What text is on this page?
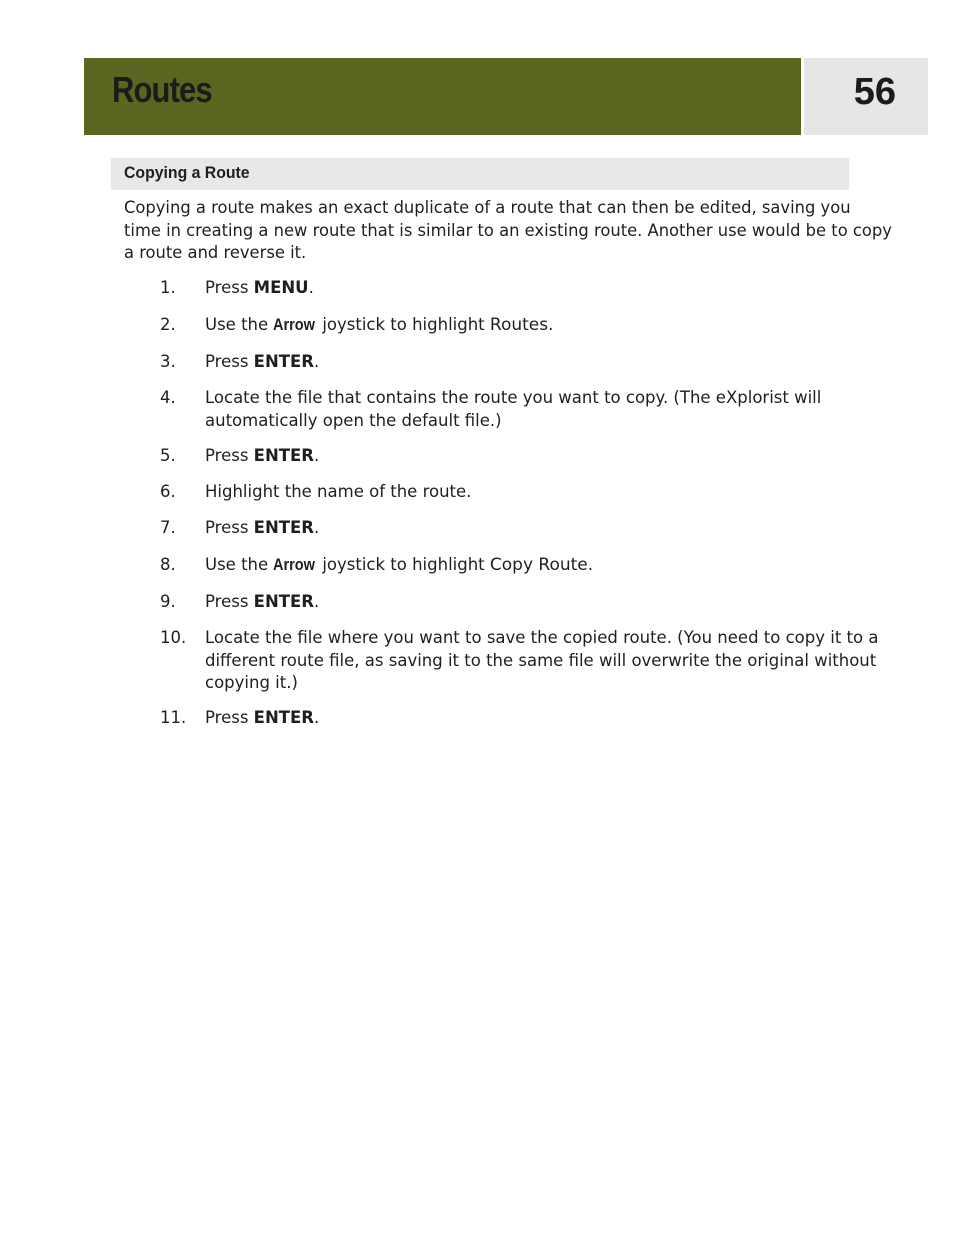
Routes	56
Copying a Route

Copying a route makes an exact duplicate of a route that can then be edited, saving you time in creating a new route that is similar to an existing route. Another use would be to copy a route and reverse it.

1.	Press MENU.
2.	Use the Arrow joystick to highlight Routes.
3.	Press ENTER.
4.	Locate the file that contains the route you want to copy. (The eXplorist will automatically open the default file.)
5.	Press ENTER.
6.	Highlight the name of the route.
7.	Press ENTER.
8.	Use the Arrow joystick to highlight Copy Route.
9.	Press ENTER.
10.	Locate the file where you want to save the copied route. (You need to copy it to a different route file, as saving it to the same file will overwrite the original without copying it.)
11.	Press ENTER.
